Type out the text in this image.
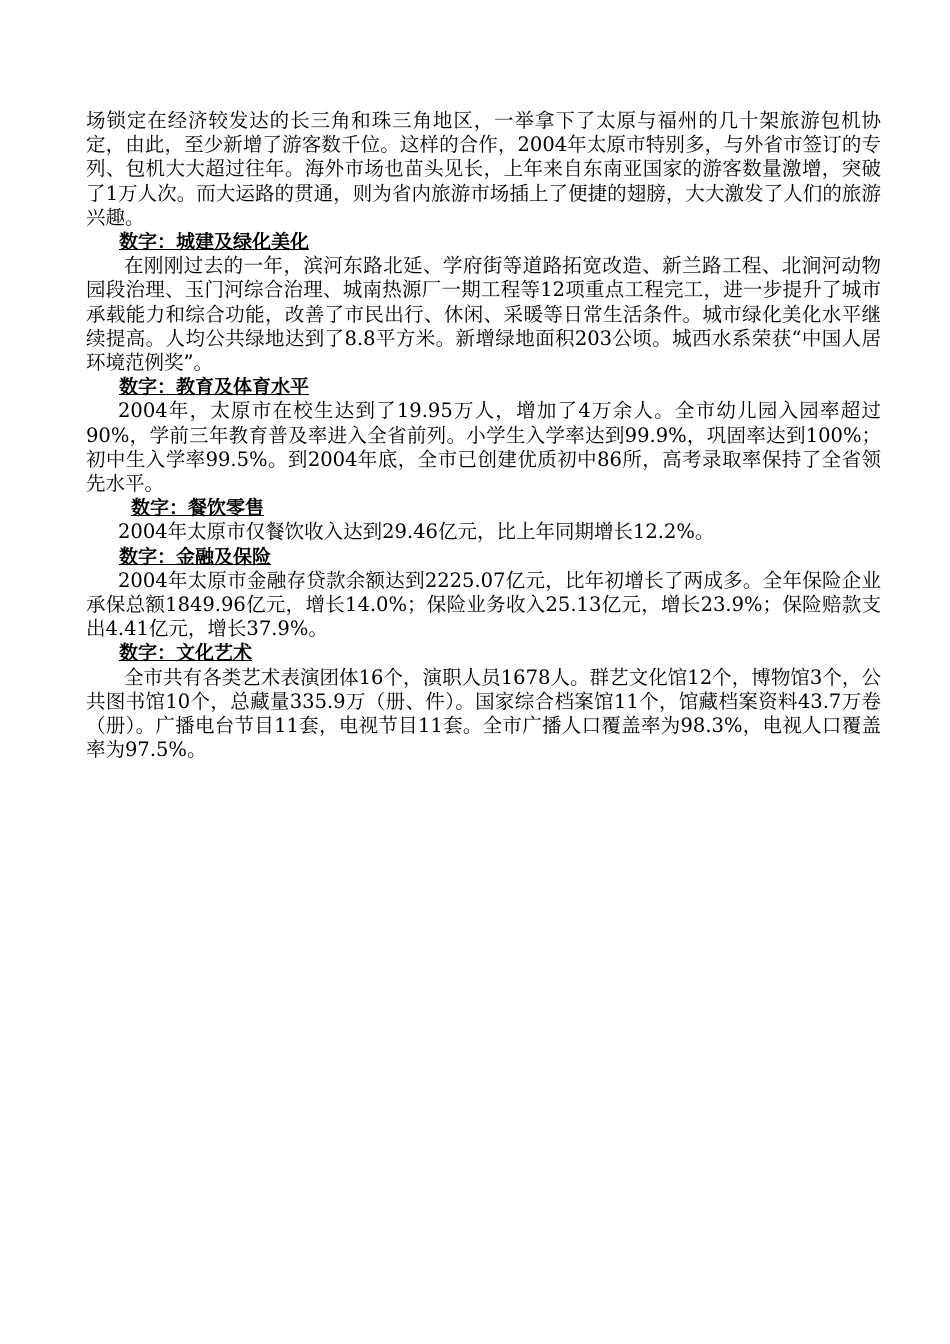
场锁定在经济较发达的长三角和珠三角地区，一举拿下了太原与福州的几十架旅游包机协定，由此，至少新增了游客数千位。这样的合作，2004年太原市特别多，与外省市签订的专列、包机大大超过往年。海外市场也苗头见长，上年来自东南亚国家的游客数量激增，突破了1万人次。而大运路的贯通，则为省内旅游市场插上了便捷的翅膀，大大激发了人们的旅游兴趣。

数字：城建及绿化美化

在刚刚过去的一年，滨河东路北延、学府街等道路拓宽改造、新兰路工程、北涧河动物园段治理、玉门河综合治理、城南热源厂一期工程等12项重点工程完工，进一步提升了城市承载能力和综合功能，改善了市民出行、休闲、采暖等日常生活条件。城市绿化美化水平继续提高。人均公共绿地达到了8.8平方米。新增绿地面积203公顷。城西水系荣获“中国人居环境范例奖”。

数字：教育及体育水平

2004年，太原市在校生达到了19.95万人，增加了4万余人。全市幼儿园入园率超过90%，学前三年教育普及率进入全省前列。小学生入学率达到99.9%，巩固率达到100%；初中生入学率99.5%。到2004年底，全市已创建优质初中86所，高考录取率保持了全省领先水平。

数字：餐饮零售

2004年太原市仅餐饮收入达到29.46亿元，比上年同期增长12.2%。

数字：金融及保险

2004年太原市金融存贷款余额达到2225.07亿元，比年初增长了两成多。全年保险企业承保总额1849.96亿元，增长14.0%；保险业务收入25.13亿元，增长23.9%；保险赔款支出4.41亿元，增长37.9%。

数字：文化艺术

全市共有各类艺术表演团体16个，演职人员1678人。群艺文化馆12个，博物馆3个，公共图书馆10个，总藏量335.9万（册、件）。国家综合档案馆11个，馆藏档案资料43.7万卷（册）。广播电台节目11套，电视节目11套。全市广播人口覆盖率为98.3%，电视人口覆盖率为97.5%。
